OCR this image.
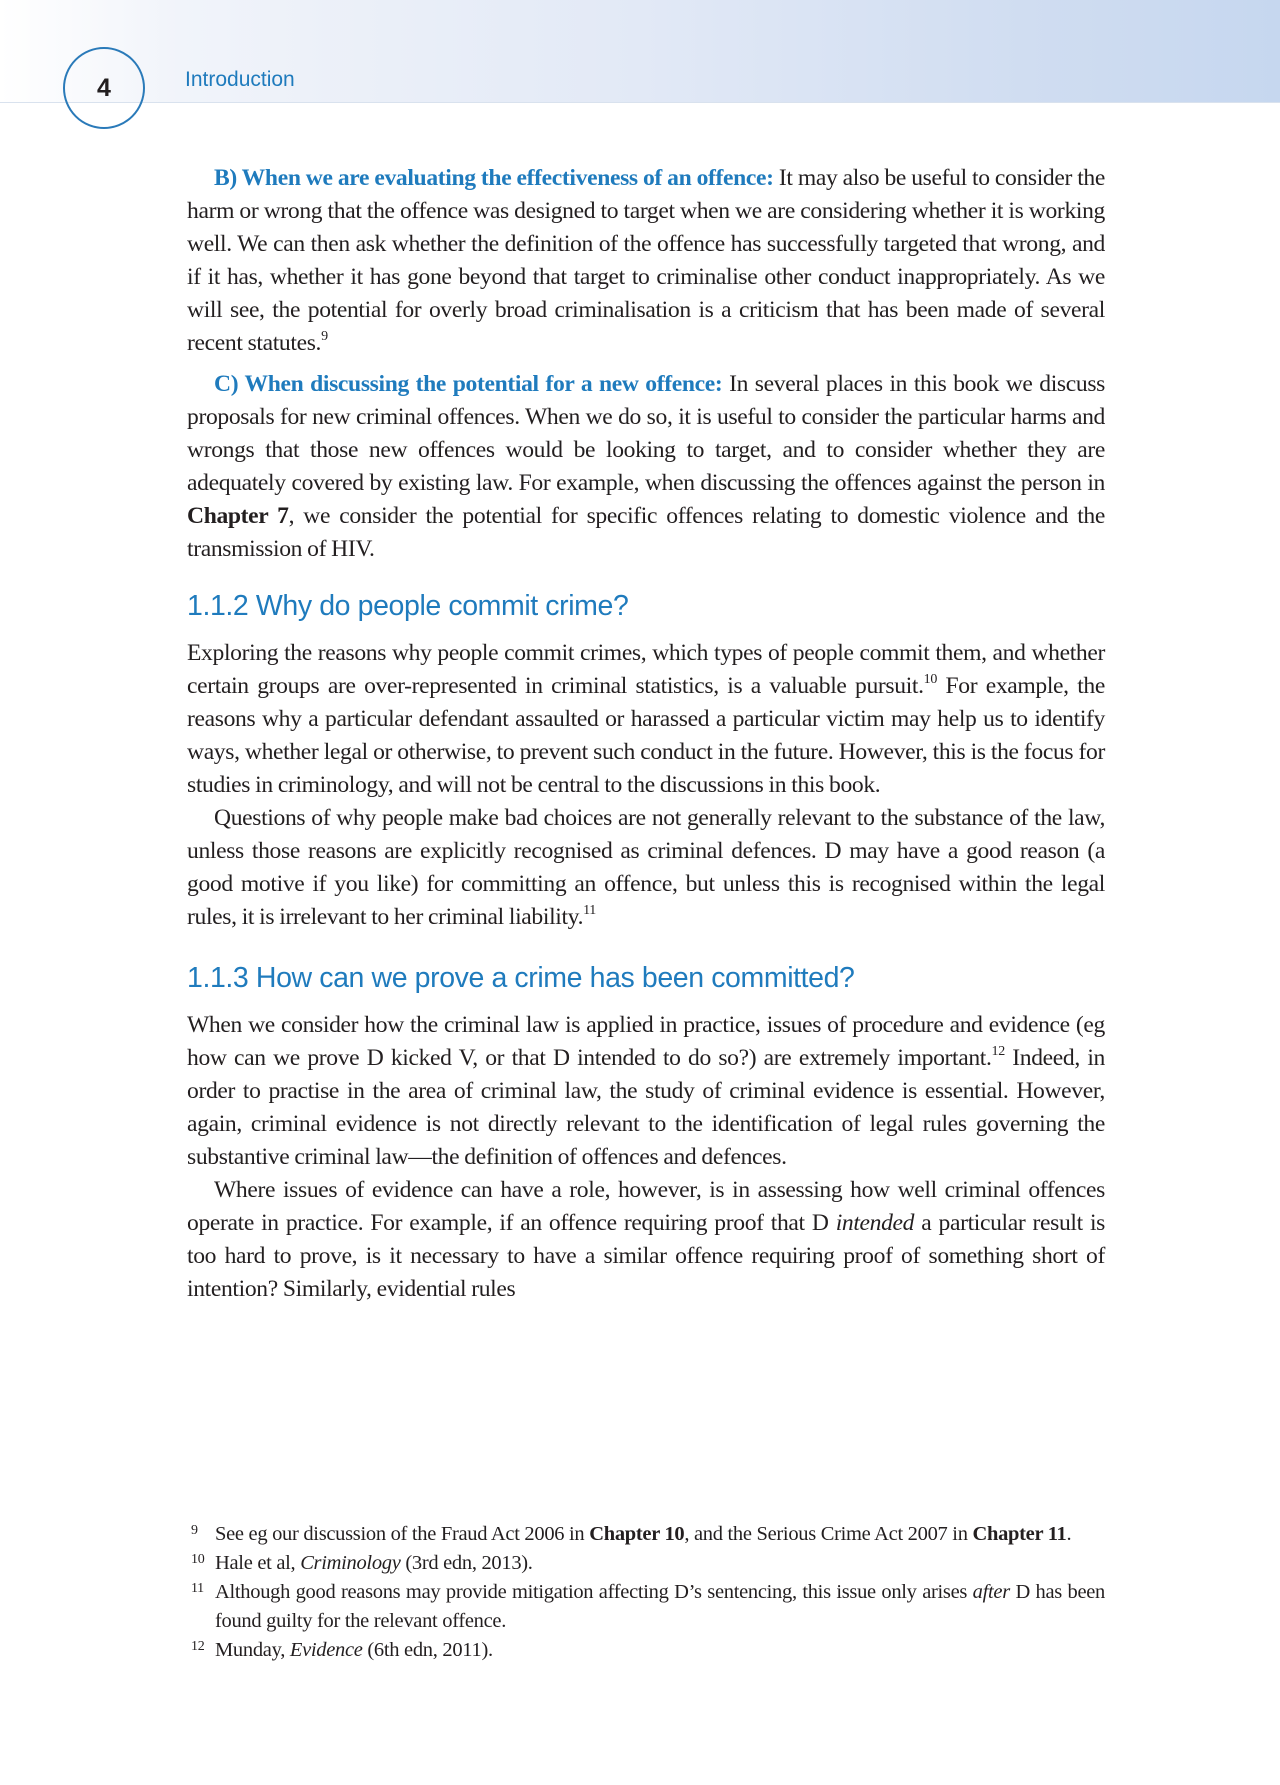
4	Introduction

B) When we are evaluating the effectiveness of an offence: It may also be useful to consider the harm or wrong that the offence was designed to target when we are considering whether it is working well. We can then ask whether the definition of the offence has successfully targeted that wrong, and if it has, whether it has gone beyond that target to criminalise other conduct inappropriately. As we will see, the potential for overly broad criminalisation is a criticism that has been made of several recent statutes.$^9$

C) When discussing the potential for a new offence: In several places in this book we discuss proposals for new criminal offences. When we do so, it is useful to consider the particular harms and wrongs that those new offences would be looking to target, and to consider whether they are adequately covered by existing law. For example, when discussing the offences against the person in Chapter 7, we consider the potential for specific offences relating to domestic violence and the transmission of HIV.

1.1.2 Why do people commit crime?

Exploring the reasons why people commit crimes, which types of people commit them, and whether certain groups are over-represented in criminal statistics, is a valuable pursuit.$^{10}$ For example, the reasons why a particular defendant assaulted or harassed a particular victim may help us to identify ways, whether legal or otherwise, to prevent such conduct in the future. However, this is the focus for studies in criminology, and will not be central to the discussions in this book.

Questions of why people make bad choices are not generally relevant to the substance of the law, unless those reasons are explicitly recognised as criminal defences. D may have a good reason (a good motive if you like) for committing an offence, but unless this is recognised within the legal rules, it is irrelevant to her criminal liability.$^{11}$

1.1.3 How can we prove a crime has been committed?

When we consider how the criminal law is applied in practice, issues of procedure and evidence (eg how can we prove D kicked V, or that D intended to do so?) are extremely important.$^{12}$ Indeed, in order to practise in the area of criminal law, the study of criminal evidence is essential. However, again, criminal evidence is not directly relevant to the identification of legal rules governing the substantive criminal law—the definition of offences and defences.

Where issues of evidence can have a role, however, is in assessing how well criminal offences operate in practice. For example, if an offence requiring proof that D intended a particular result is too hard to prove, is it necessary to have a similar offence requiring proof of something short of intention? Similarly, evidential rules

9 See eg our discussion of the Fraud Act 2006 in Chapter 10, and the Serious Crime Act 2007 in Chapter 11.
10 Hale et al, Criminology (3rd edn, 2013).
11 Although good reasons may provide mitigation affecting D’s sentencing, this issue only arises after D has been found guilty for the relevant offence.
12 Munday, Evidence (6th edn, 2011).
